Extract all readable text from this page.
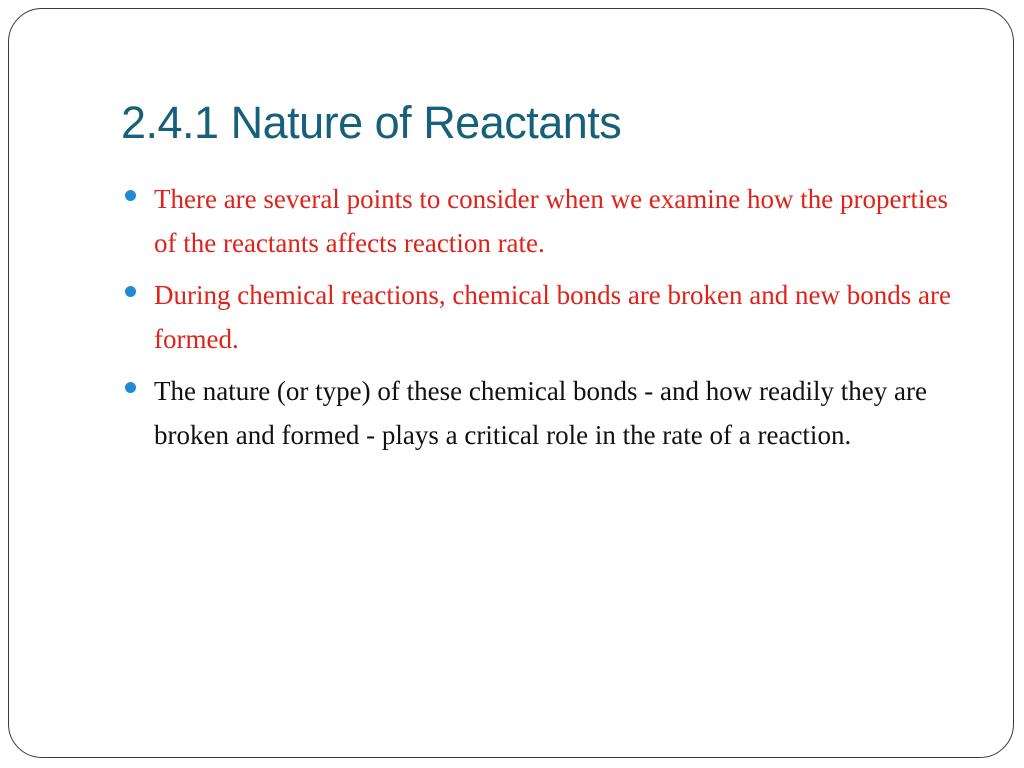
2.4.1 Nature of Reactants
There are several points to consider when we examine how the properties of the reactants affects reaction rate.
During chemical reactions, chemical bonds are broken and new bonds are formed.
The nature (or type) of these chemical bonds - and how readily they are broken and formed - plays a critical role in the rate of a reaction.
